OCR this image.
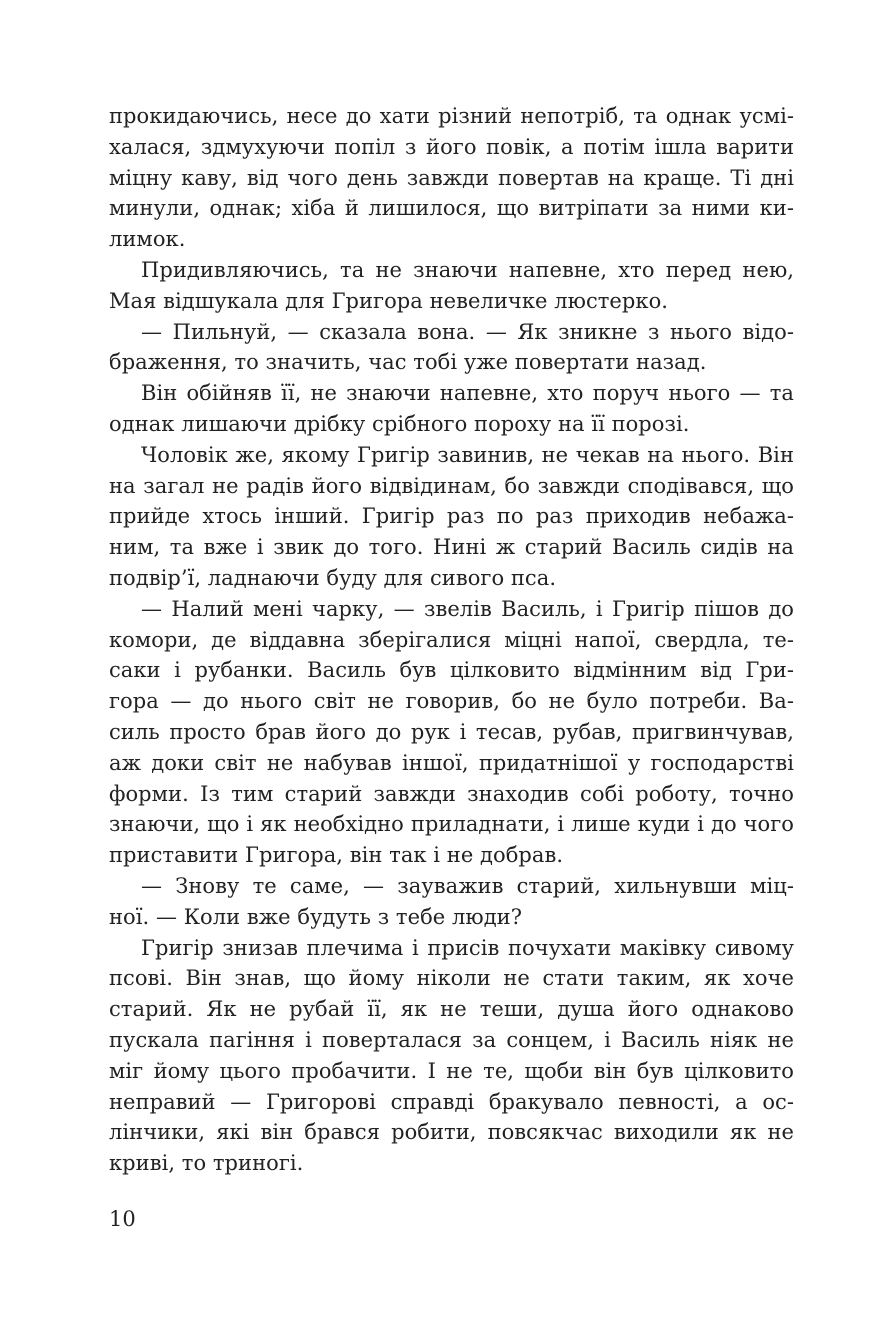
прокидаючись, несе до хати різний непотріб, та однак усмі-
халася, здмухуючи попіл з його повік, а потім ішла варити
міцну каву, від чого день завжди повертав на краще. Ті дні
минули, однак; хіба й лишилося, що витріпати за ними ки-
лимок.
Придивляючись, та не знаючи напевне, хто перед нею,
Мая відшукала для Григора невеличке люстерко.
— Пильнуй, — сказала вона. — Як зникне з нього відо-
браження, то значить, час тобі уже повертати назад.
Він обійняв її, не знаючи напевне, хто поруч нього — та
однак лишаючи дрібку срібного пороху на її порозі.
Чоловік же, якому Григір завинив, не чекав на нього. Він
на загал не радів його відвідинам, бо завжди сподівався, що
прийде хтось інший. Григір раз по раз приходив небажа-
ним, та вже і звик до того. Нині ж старий Василь сидів на
подвір’ї, ладнаючи буду для сивого пса.
— Налий мені чарку, — звелів Василь, і Григір пішов до
комори, де віддавна зберігалися міцні напої, свердла, те-
саки і рубанки. Василь був цілковито відмінним від Гри-
гора — до нього світ не говорив, бо не було потреби. Ва-
силь просто брав його до рук і тесав, рубав, пригвинчував,
аж доки світ не набував іншої, придатнішої у господарстві
форми. Із тим старий завжди знаходив собі роботу, точно
знаючи, що і як необхідно приладнати, і лише куди і до чого
приставити Григора, він так і не добрав.
— Знову те саме, — зауважив старий, хильнувши міц-
ної. — Коли вже будуть з тебе люди?
Григір знизав плечима і присів почухати маківку сивому
псові. Він знав, що йому ніколи не стати таким, як хоче
старий. Як не рубай її, як не теши, душа його однаково
пускала пагіння і поверталася за сонцем, і Василь ніяк не
міг йому цього пробачити. І не те, щоби він був цілковито
неправий — Григорові справді бракувало певності, а ос-
лінчики, які він брався робити, повсякчас виходили як не
криві, то триногі.
10
